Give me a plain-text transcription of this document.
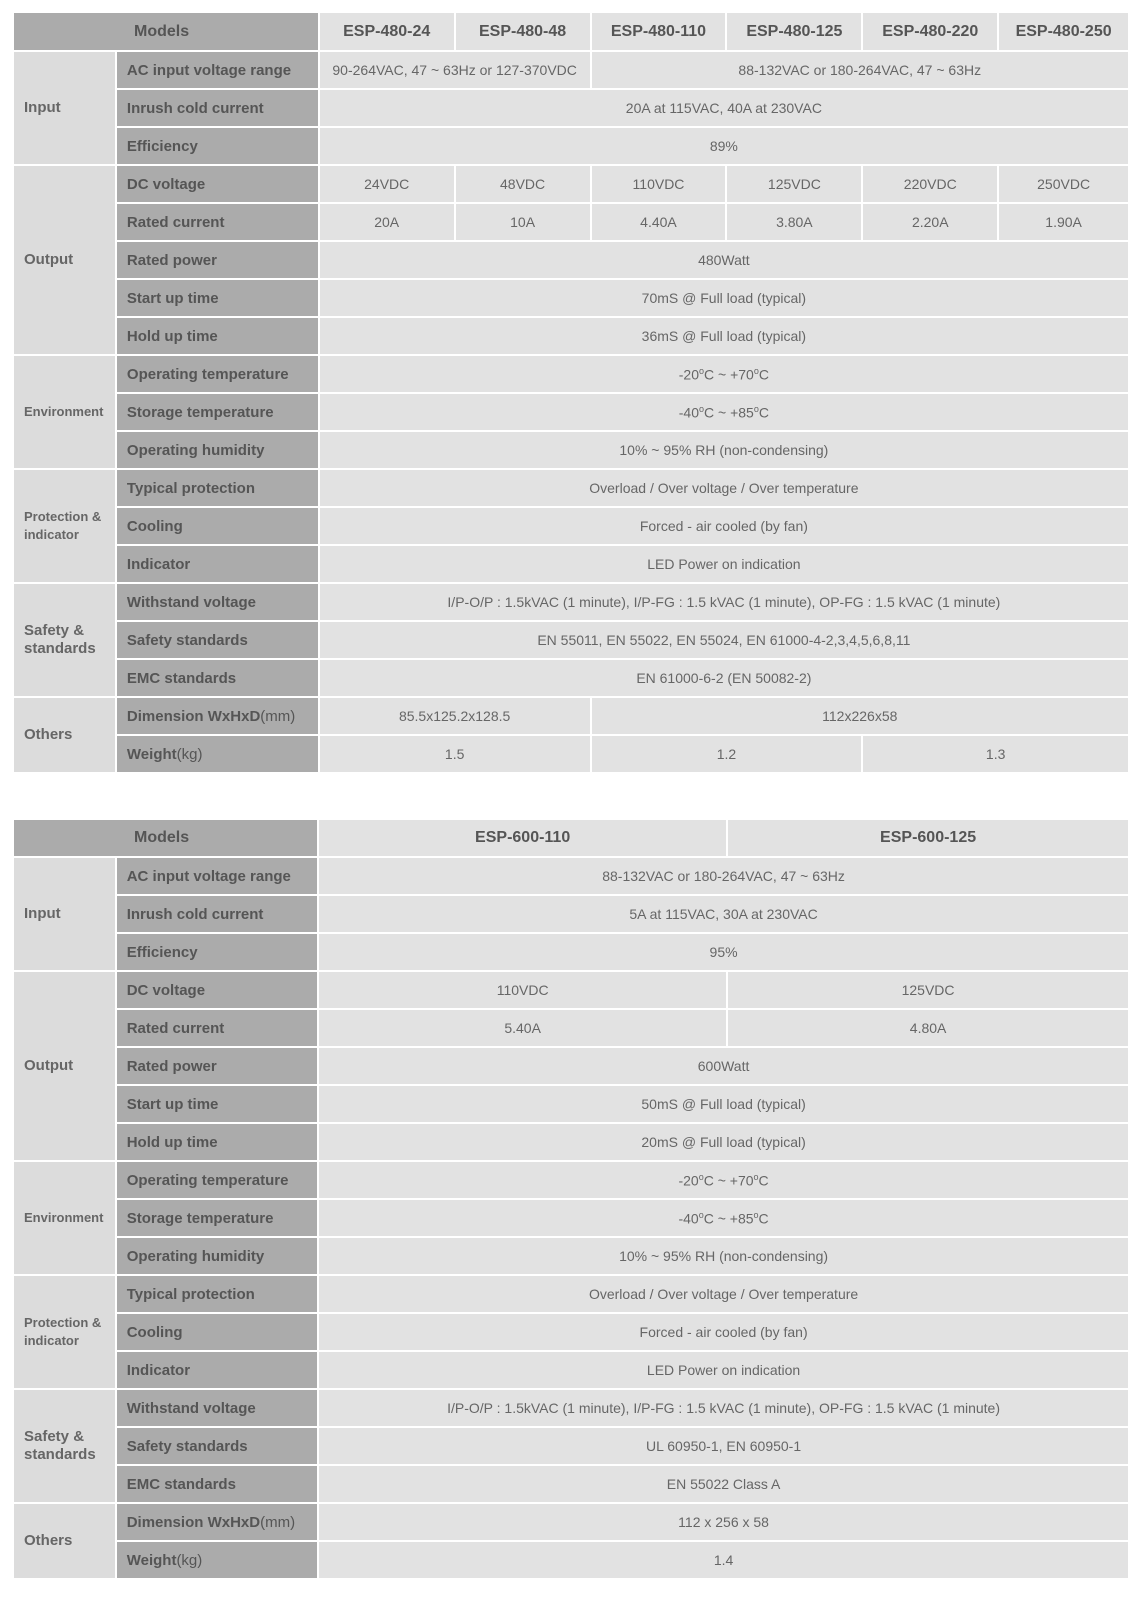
Models		ESP-480-24	ESP-480-48	ESP-480-110	ESP-480-125	ESP-480-220	ESP-480-250
Input	AC input voltage range	90-264VAC, 47 ~ 63Hz or 127-370VDC		88-132VAC or 180-264VAC, 47 ~ 63Hz			
	Inrush cold current	20A at 115VAC, 40A at 230VAC					
	Efficiency	89%					
Output	DC voltage	24VDC	48VDC	110VDC	125VDC	220VDC	250VDC
	Rated current	20A	10A	4.40A	3.80A	2.20A	1.90A
	Rated power	480Watt					
	Start up time	70mS @ Full load (typical)					
	Hold up time	36mS @ Full load (typical)					
Environment	Operating temperature	-20$^o$C ~ $+70^oC$					
	Storage temperature	-40$^o$C ~ $+85^oC$					
	Operating humidity	10% ~ 95% RH (non-condensing)					
Protection & indicator	Typical protection	Overload / Over voltage / Over temperature					
	Cooling	Forced - air cooled (by fan)					
	Indicator	LED Power on indication					
Safety & standards	Withstand voltage	I/P-O/P : 1.5kVAC (1 minute), I/P-FG : 1.5 kVAC (1 minute), OP-FG : 1.5 kVAC (1 minute)					
	Safety standards	EN 55011, EN 55022, EN 55024, EN 61000-4-2,3,4,5,6,8,11					
	EMC standards	EN 61000-6-2 (EN 50082-2)					
Others	Dimension WxHxD(mm)	85.5x125.2x128.5		112x226x58			
	Weight(kg)	1.5		1.2		1.3	
Models		ESP-600-110	ESP-600-125
Input	AC input voltage range	88-132VAC or 180-264VAC, 47 ~ 63Hz	
	Inrush cold current	5A at 115VAC, 30A at 230VAC	
	Efficiency	95%	
Output	DC voltage	110VDC	125VDC
	Rated current	5.40A	4.80A
	Rated power	600Watt	
	Start up time	50mS @ Full load (typical)	
	Hold up time	20mS @ Full load (typical)	
Environment	Operating temperature	-20$^o$C ~ $+70^oC$	
	Storage temperature	-40$^o$C ~ $+85^oC$	
	Operating humidity	10% ~ 95% RH (non-condensing)	
Protection & indicator	Typical protection	Overload / Over voltage / Over temperature	
	Cooling	Forced - air cooled (by fan)	
	Indicator	LED Power on indication	
Safety & standards	Withstand voltage	I/P-O/P : 1.5kVAC (1 minute), I/P-FG : 1.5 kVAC (1 minute), OP-FG : 1.5 kVAC (1 minute)	
	Safety standards	UL 60950-1, EN 60950-1	
	EMC standards	EN 55022 Class A	
Others	Dimension WxHxD(mm)	112 x 256 x 58	
	Weight(kg)	1.4	
